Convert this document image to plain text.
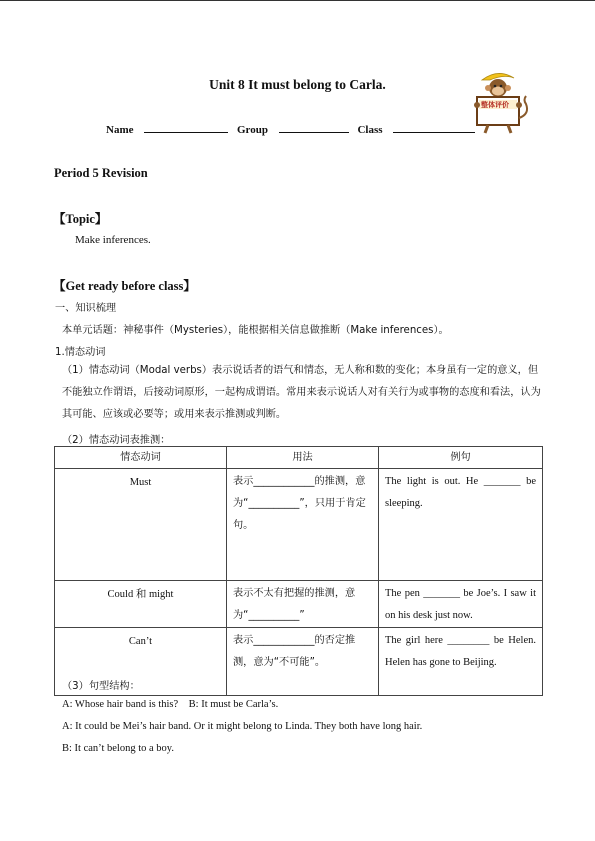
Unit 8 It must belong to Carla.
整体评价
Name	Group	Class
Period 5 Revision
【Topic】
Make inferences.
【Get ready before class】
一、知识梳理
本单元话题：神秘事件（Mysteries），能根据相关信息做推断（Make inferences）。
1.情态动词
（1）情态动词（Modal verbs）表示说话者的语气和情态，无人称和数的变化；本身虽有一定的意义，但不能独立作谓语，后接动词原形，一起构成谓语。常用来表示说话人对有关行为或事物的态度和看法，认为其可能、应该或必要等；或用来表示推测或判断。
（2）情态动词表推测：
情态动词	用法	例句
Must	表示____________的推测，意为“__________”，只用于肯定句。	The light is out. He _______ be sleeping.
Could 和 might	表示不太有把握的推测，意为“__________”	The pen _______ be Joe’s. I saw it on his desk just now.
Can’t	表示____________的否定推测，意为“不可能”。	The girl here ________ be Helen. Helen has gone to Beijing.
（3）句型结构：
A: Whose hair band is this?    B: It must be Carla’s.
A: It could be Mei’s hair band. Or it might belong to Linda. They both have long hair.
B: It can’t belong to a boy.
